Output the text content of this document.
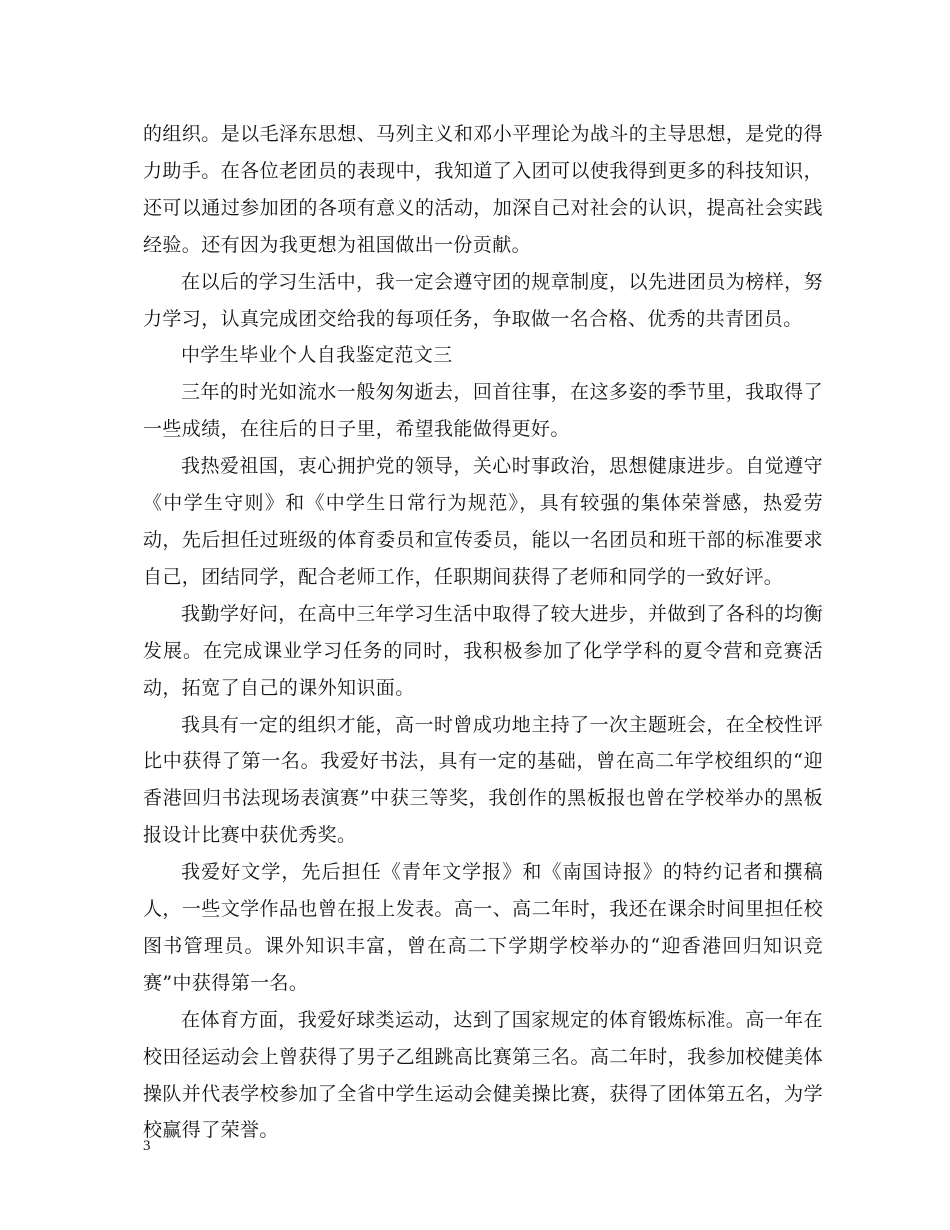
的组织。是以毛泽东思想、马列主义和邓小平理论为战斗的主导思想，是党的得力助手。在各位老团员的表现中，我知道了入团可以使我得到更多的科技知识，还可以通过参加团的各项有意义的活动，加深自己对社会的认识，提高社会实践经验。还有因为我更想为祖国做出一份贡献。

在以后的学习生活中，我一定会遵守团的规章制度，以先进团员为榜样，努力学习，认真完成团交给我的每项任务，争取做一名合格、优秀的共青团员。

中学生毕业个人自我鉴定范文三

三年的时光如流水一般匆匆逝去，回首往事，在这多姿的季节里，我取得了一些成绩，在往后的日子里，希望我能做得更好。

我热爱祖国，衷心拥护党的领导，关心时事政治，思想健康进步。自觉遵守《中学生守则》和《中学生日常行为规范》，具有较强的集体荣誉感，热爱劳动，先后担任过班级的体育委员和宣传委员，能以一名团员和班干部的标准要求自己，团结同学，配合老师工作，任职期间获得了老师和同学的一致好评。

我勤学好问，在高中三年学习生活中取得了较大进步，并做到了各科的均衡发展。在完成课业学习任务的同时，我积极参加了化学学科的夏令营和竞赛活动，拓宽了自己的课外知识面。

我具有一定的组织才能，高一时曾成功地主持了一次主题班会，在全校性评比中获得了第一名。我爱好书法，具有一定的基础，曾在高二年学校组织的“迎香港回归书法现场表演赛”中获三等奖，我创作的黑板报也曾在学校举办的黑板报设计比赛中获优秀奖。

我爱好文学，先后担任《青年文学报》和《南国诗报》的特约记者和撰稿人，一些文学作品也曾在报上发表。高一、高二年时，我还在课余时间里担任校图书管理员。课外知识丰富，曾在高二下学期学校举办的“迎香港回归知识竞赛”中获得第一名。

在体育方面，我爱好球类运动，达到了国家规定的体育锻炼标准。高一年在校田径运动会上曾获得了男子乙组跳高比赛第三名。高二年时，我参加校健美体操队并代表学校参加了全省中学生运动会健美操比赛，获得了团体第五名，为学校赢得了荣誉。

3
